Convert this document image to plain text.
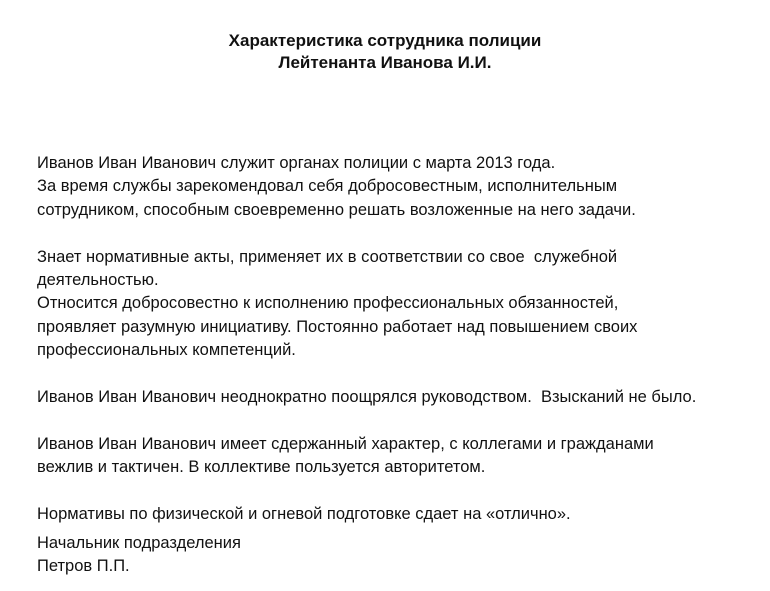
Характеристика сотрудника полиции
Лейтенанта Иванова И.И.
Иванов Иван Иванович служит органах полиции с марта 2013 года.
За время службы зарекомендовал себя добросовестным, исполнительным
сотрудником, способным своевременно решать возложенные на него задачи.
Знает нормативные акты, применяет их в соответствии со свое  служебной
деятельностью.
Относится добросовестно к исполнению профессиональных обязанностей,
проявляет разумную инициативу. Постоянно работает над повышением своих
профессиональных компетенций.
Иванов Иван Иванович неоднократно поощрялся руководством.  Взысканий не было.
Иванов Иван Иванович имеет сдержанный характер, с коллегами и гражданами
вежлив и тактичен. В коллективе пользуется авторитетом.
Нормативы по физической и огневой подготовке сдает на «отлично».
Начальник подразделения
Петров П.П.
